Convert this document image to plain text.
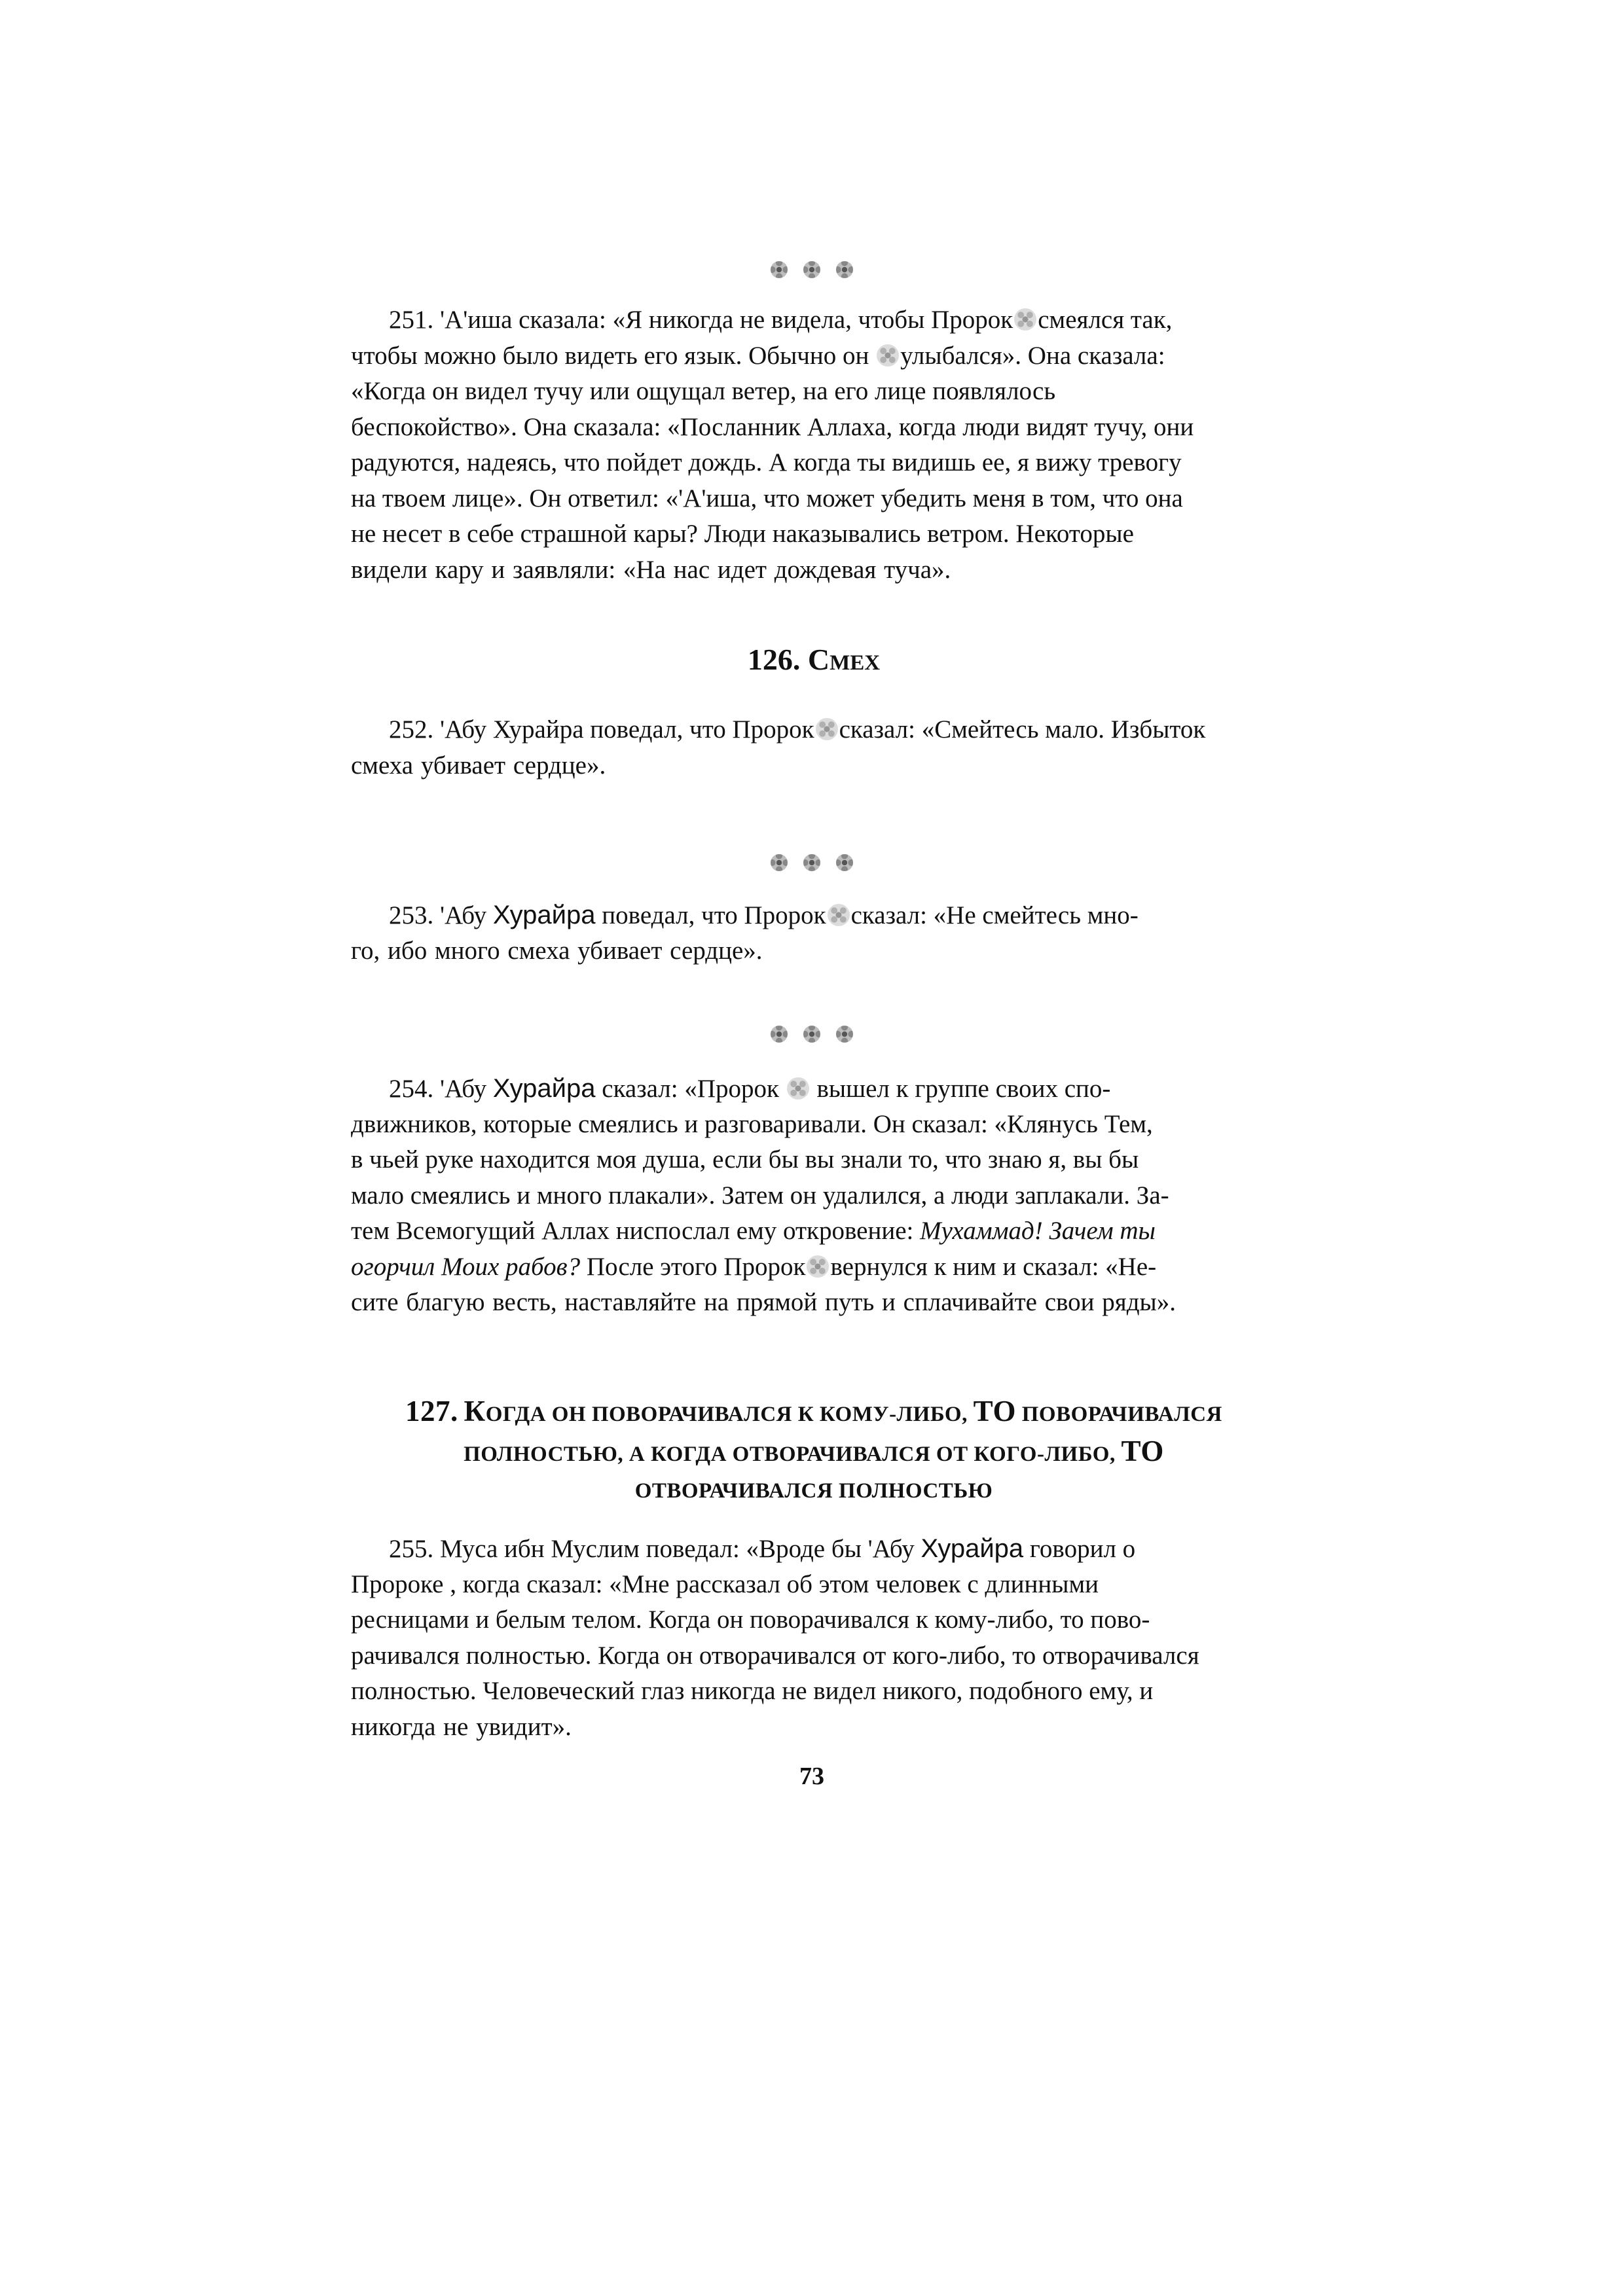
251. 'А'иша сказала: «Я никогда не видела, чтобы Пророк смеялся так,
чтобы можно было видеть его язык. Обычно он улыбался». Она сказала:
«Когда он видел тучу или ощущал ветер, на его лице появлялось
беспокойство». Она сказала: «Посланник Аллаха, когда люди видят тучу, они
радуются, надеясь, что пойдет дождь. А когда ты видишь ее, я вижу тревогу
на твоем лице». Он ответил: «'А'иша, что может убедить меня в том, что она
не несет в себе страшной кары? Люди наказывались ветром. Некоторые
видели кару и заявляли: «На нас идет дождевая туча».
126. СМЕХ
252. 'Абу Хурайра поведал, что Пророк сказал: «Смейтесь мало. Избыток
смеха убивает сердце».
253. 'Абу Хурайра поведал, что Пророк сказал: «Не смейтесь мно-
го, ибо много смеха убивает сердце».
254. 'Абу Хурайра сказал: «Пророк вышел к группе своих спо-
движников, которые смеялись и разговаривали. Он сказал: «Клянусь Тем,
в чьей руке находится моя душа, если бы вы знали то, что знаю я, вы бы
мало смеялись и много плакали». Затем он удалился, а люди заплакали. За-
тем Всемогущий Аллах ниспослал ему откровение: Мухаммад! Зачем ты
огорчил Моих рабов? После этого Пророк вернулся к ним и сказал: «Не-
сите благую весть, наставляйте на прямой путь и сплачивайте свои ряды».
127. КОГДА ОН ПОВОРАЧИВАЛСЯ К КОМУ-ЛИБО, ТО ПОВОРАЧИВАЛСЯ
ПОЛНОСТЬЮ, А КОГДА ОТВОРАЧИВАЛСЯ ОТ КОГО-ЛИБО, ТО
ОТВОРАЧИВАЛСЯ ПОЛНОСТЬЮ
255. Муса ибн Муслим поведал: «Вроде бы 'Абу Хурайра говорил о
Пророке , когда сказал: «Мне рассказал об этом человек с длинными
ресницами и белым телом. Когда он поворачивался к кому-либо, то пово-
рачивался полностью. Когда он отворачивался от кого-либо, то отворачивался
полностью. Человеческий глаз никогда не видел никого, подобного ему, и
никогда не увидит».
73
